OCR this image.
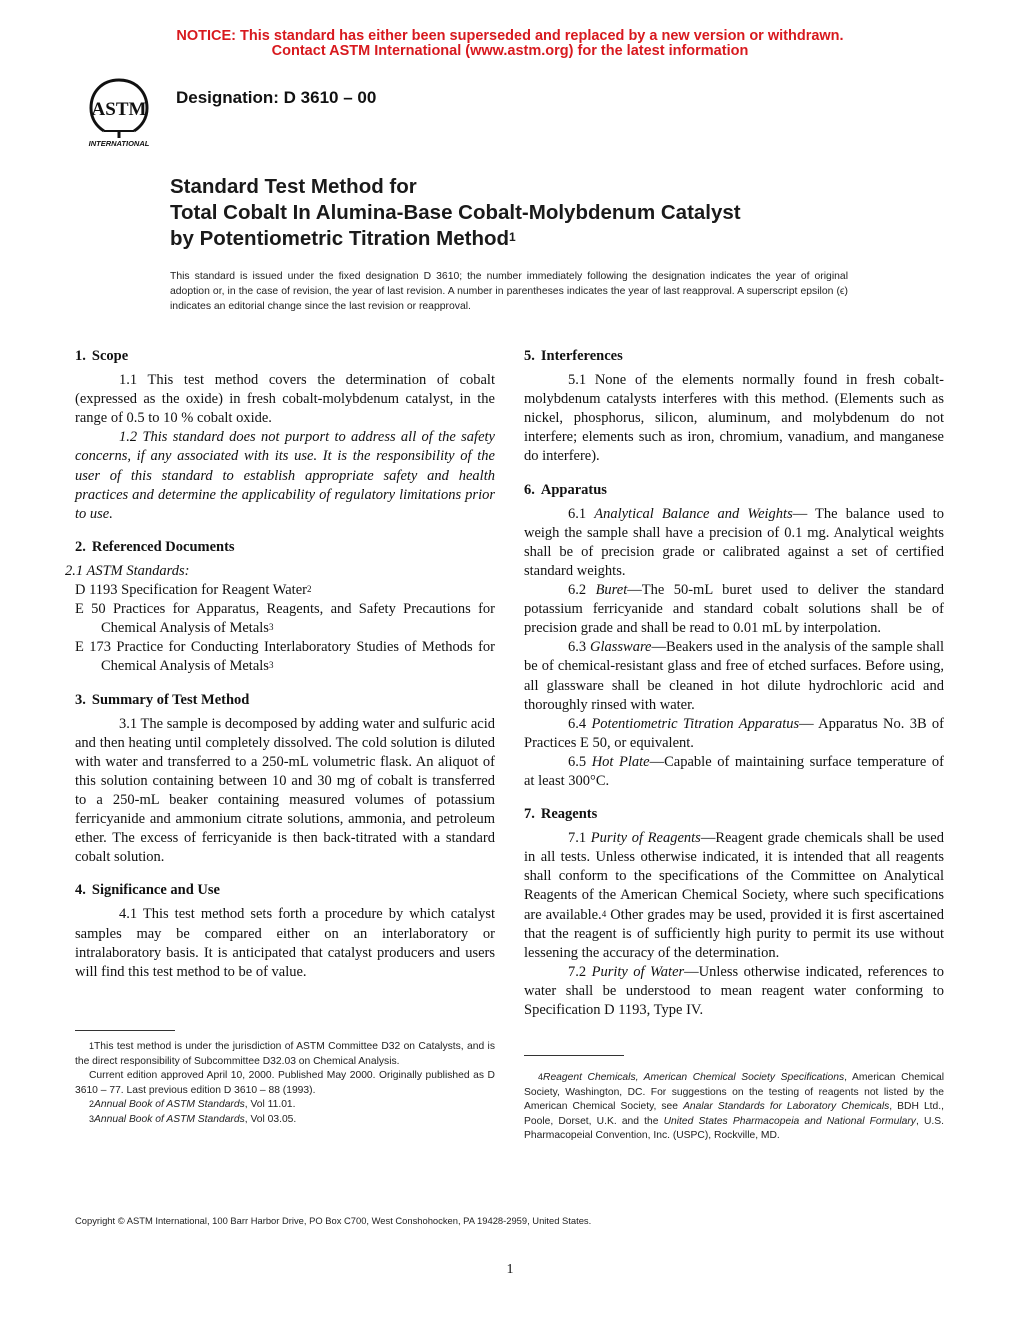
NOTICE: This standard has either been superseded and replaced by a new version or withdrawn.
Contact ASTM International (www.astm.org) for the latest information
ASTM
INTERNATIONAL
Designation: D 3610 – 00
Standard Test Method for
Total Cobalt In Alumina-Base Cobalt-Molybdenum Catalyst
by Potentiometric Titration Method$^1$
This standard is issued under the fixed designation D 3610; the number immediately following the designation indicates the year of original adoption or, in the case of revision, the year of last revision. A number in parentheses indicates the year of last reapproval. A superscript epsilon (ϵ) indicates an editorial change since the last revision or reapproval.
1. Scope

1.1 This test method covers the determination of cobalt (expressed as the oxide) in fresh cobalt-molybdenum catalyst, in the range of 0.5 to 10 % cobalt oxide.

1.2 This standard does not purport to address all of the safety concerns, if any associated with its use. It is the responsibility of the user of this standard to establish appropriate safety and health practices and determine the applicability of regulatory limitations prior to use.

2. Referenced Documents

2.1 ASTM Standards:

D 1193 Specification for Reagent Water$^2$

E 50 Practices for Apparatus, Reagents, and Safety Precautions for Chemical Analysis of Metals$^3$

E 173 Practice for Conducting Interlaboratory Studies of Methods for Chemical Analysis of Metals$^3$

3. Summary of Test Method

3.1 The sample is decomposed by adding water and sulfuric acid and then heating until completely dissolved. The cold solution is diluted with water and transferred to a 250-mL volumetric flask. An aliquot of this solution containing between 10 and 30 mg of cobalt is transferred to a 250-mL beaker containing measured volumes of potassium ferricyanide and ammonium citrate solutions, ammonia, and petroleum ether. The excess of ferricyanide is then back-titrated with a standard cobalt solution.

4. Significance and Use

4.1 This test method sets forth a procedure by which catalyst samples may be compared either on an interlaboratory or intralaboratory basis. It is anticipated that catalyst producers and users will find this test method to be of value.

5. Interferences

5.1 None of the elements normally found in fresh cobalt-molybdenum catalysts interferes with this method. (Elements such as nickel, phosphorus, silicon, aluminum, and molybdenum do not interfere; elements such as iron, chromium, vanadium, and manganese do interfere).

6. Apparatus

6.1 Analytical Balance and Weights— The balance used to weigh the sample shall have a precision of 0.1 mg. Analytical weights shall be of precision grade or calibrated against a set of certified standard weights.

6.2 Buret—The 50-mL buret used to deliver the standard potassium ferricyanide and standard cobalt solutions shall be of precision grade and shall be read to 0.01 mL by interpolation.

6.3 Glassware—Beakers used in the analysis of the sample shall be of chemical-resistant glass and free of etched surfaces. Before using, all glassware shall be cleaned in hot dilute hydrochloric acid and thoroughly rinsed with water.

6.4 Potentiometric Titration Apparatus— Apparatus No. 3B of Practices E 50, or equivalent.

6.5 Hot Plate—Capable of maintaining surface temperature of at least 300°C.

7. Reagents

7.1 Purity of Reagents—Reagent grade chemicals shall be used in all tests. Unless otherwise indicated, it is intended that all reagents shall conform to the specifications of the Committee on Analytical Reagents of the American Chemical Society, where such specifications are available.$^4$ Other grades may be used, provided it is first ascertained that the reagent is of sufficiently high purity to permit its use without lessening the accuracy of the determination.

7.2 Purity of Water—Unless otherwise indicated, references to water shall be understood to mean reagent water conforming to Specification D 1193, Type IV.

$^1$This test method is under the jurisdiction of ASTM Committee D32 on Catalysts, and is the direct responsibility of Subcommittee D32.03 on Chemical Analysis.

Current edition approved April 10, 2000. Published May 2000. Originally published as D 3610 – 77. Last previous edition D 3610 – 88 (1993).

$^2$Annual Book of ASTM Standards, Vol 11.01.

$^3$Annual Book of ASTM Standards, Vol 03.05.

$^4$Reagent Chemicals, American Chemical Society Specifications, American Chemical Society, Washington, DC. For suggestions on the testing of reagents not listed by the American Chemical Society, see Analar Standards for Laboratory Chemicals, BDH Ltd., Poole, Dorset, U.K. and the United States Pharmacopeia and National Formulary, U.S. Pharmacopeial Convention, Inc. (USPC), Rockville, MD.

Copyright © ASTM International, 100 Barr Harbor Drive, PO Box C700, West Conshohocken, PA 19428-2959, United States.
1
